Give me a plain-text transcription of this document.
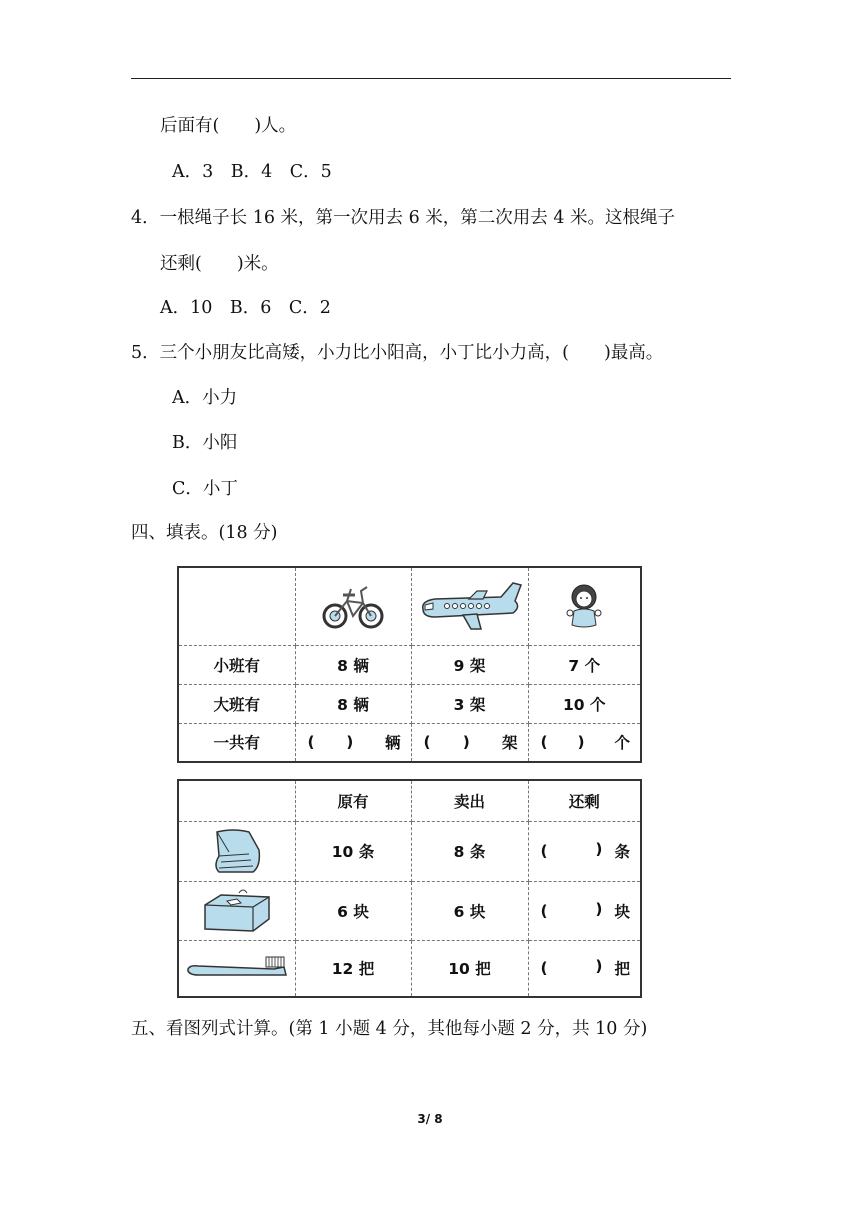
后面有(　　)人。
A．3　B．4　C．5
4．一根绳子长 16 米，第一次用去 6 米，第二次用去 4 米。这根绳子
还剩(　　)米。
A．10　B．6　C．2
5．三个小朋友比高矮，小力比小阳高，小丁比小力高，(　　)最高。
A．小力
B．小阳
C．小丁
四、填表。(18 分)

小班有	8 辆	9 架	7 个
大班有	8 辆	3 架	10 个
一共有	( ) 辆	( ) 架	( ) 个
	原有	卖出	还剩

	10 条	8 条	( ) 条

	6 块	6 块	( ) 块

	12 把	10 把	( ) 把
五、看图列式计算。(第 1 小题 4 分，其他每小题 2 分，共 10 分)
3/ 8
